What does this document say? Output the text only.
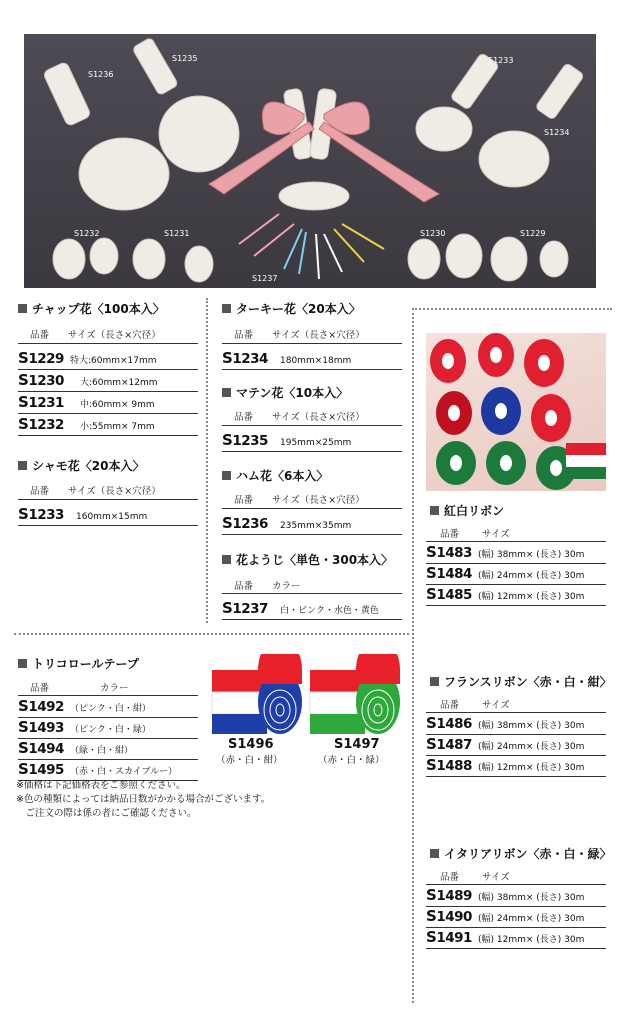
S1236
S1235	S1233
S1234
S1232	S1231
S1237
S1230	S1229
チャップ花〈100本入〉
品番 サイズ（長さ×穴径）
S1229 特大:60mm×17mm
S1230	大:60mm×12mm
S1231	中:60mm× 9mm
S1232	小:55mm× 7mm
シャモ花〈20本入〉
品番 サイズ（長さ×穴径）
S1233	160mm×15mm
ターキー花〈20本入〉
品番 サイズ（長さ×穴径）
S1234	180mm×18mm
マテン花〈10本入〉
品番 サイズ（長さ×穴径）
S1235	195mm×25mm
ハム花〈6本入〉
品番 サイズ（長さ×穴径）
S1236	235mm×35mm
花ようじ〈単色・300本入〉
品番 カラー
S1237	白・ピンク・水色・黄色
紅白リボン
品番 サイズ
S1483 (幅) 38mm× (長さ) 30m
S1484 (幅) 24mm× (長さ) 30m
S1485 (幅) 12mm× (長さ) 30m
トリコロールテープ
品番	カラー
S1492 （ピンク・白・紺）
S1493 （ピンク・白・緑）
S1494 （緑・白・紺）
S1495 （赤・白・スカイブルー）
S1496
（赤・白・紺）
S1497
（赤・白・緑）
※価格は下記価格表をご参照ください。
※色の種類によっては納品日数がかかる場合がございます。
　ご注文の際は係の者にご確認ください。
フランスリボン〈赤・白・紺〉
品番 サイズ
S1486 (幅) 38mm× (長さ) 30m
S1487 (幅) 24mm× (長さ) 30m
S1488 (幅) 12mm× (長さ) 30m
イタリアリボン〈赤・白・緑〉
品番 サイズ
S1489 (幅) 38mm× (長さ) 30m
S1490 (幅) 24mm× (長さ) 30m
S1491 (幅) 12mm× (長さ) 30m
